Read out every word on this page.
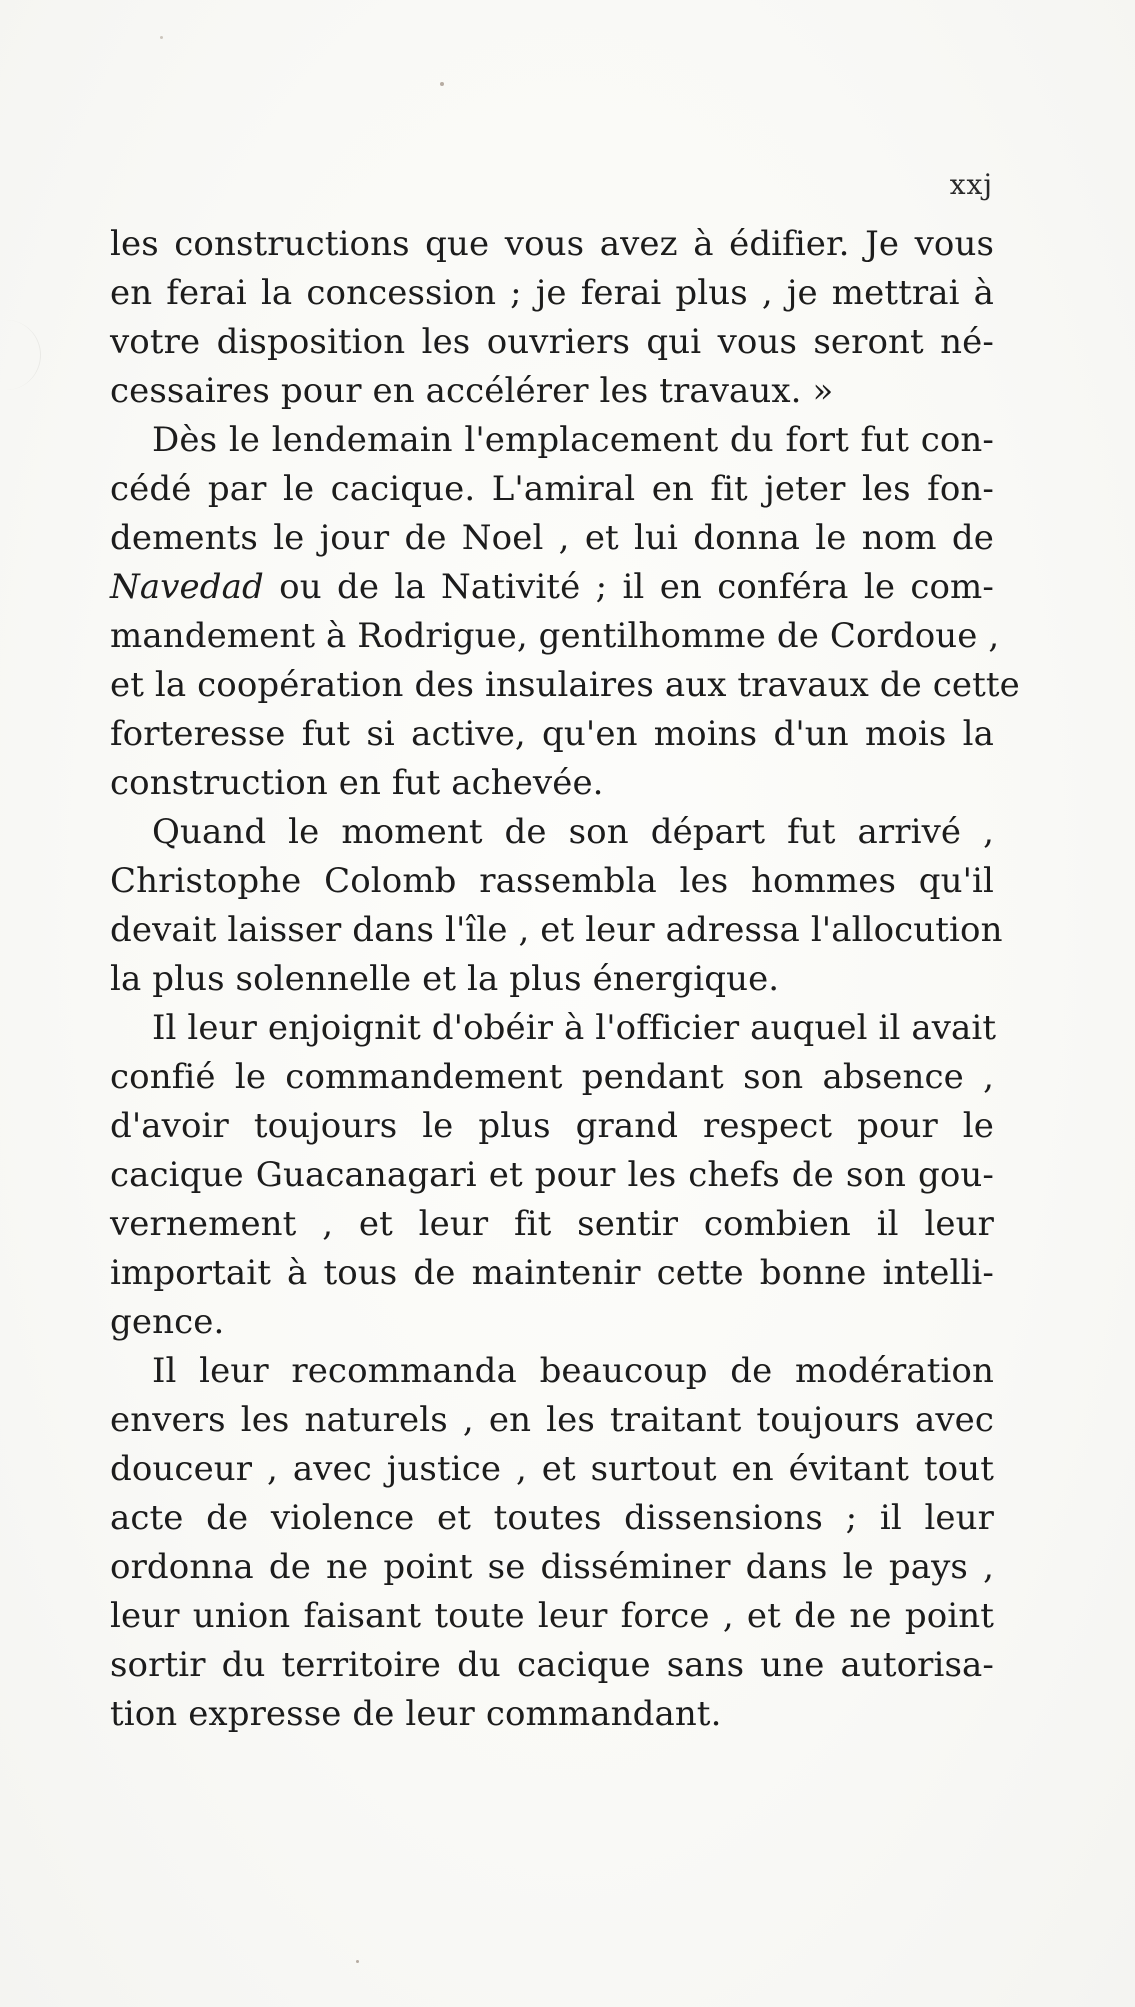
xxj
les constructions que vous avez à édifier. Je vous
en ferai la concession ; je ferai plus , je mettrai à
votre disposition les ouvriers qui vous seront né-
cessaires pour en accélérer les travaux. »
Dès le lendemain l'emplacement du fort fut con-
cédé par le cacique. L'amiral en fit jeter les fon-
dements le jour de Noel , et lui donna le nom de
Navedad ou de la Nativité ; il en conféra le com-
mandement à Rodrigue, gentilhomme de Cordoue ,
et la coopération des insulaires aux travaux de cette
forteresse fut si active, qu'en moins d'un mois la
construction en fut achevée.
Quand le moment de son départ fut arrivé ,
Christophe Colomb rassembla les hommes qu'il
devait laisser dans l'île , et leur adressa l'allocution
la plus solennelle et la plus énergique.
Il leur enjoignit d'obéir à l'officier auquel il avait
confié le commandement pendant son absence ,
d'avoir toujours le plus grand respect pour le
cacique Guacanagari et pour les chefs de son gou-
vernement , et leur fit sentir combien il leur
importait à tous de maintenir cette bonne intelli-
gence.
Il leur recommanda beaucoup de modération
envers les naturels , en les traitant toujours avec
douceur , avec justice , et surtout en évitant tout
acte de violence et toutes dissensions ; il leur
ordonna de ne point se disséminer dans le pays ,
leur union faisant toute leur force , et de ne point
sortir du territoire du cacique sans une autorisa-
tion expresse de leur commandant.
